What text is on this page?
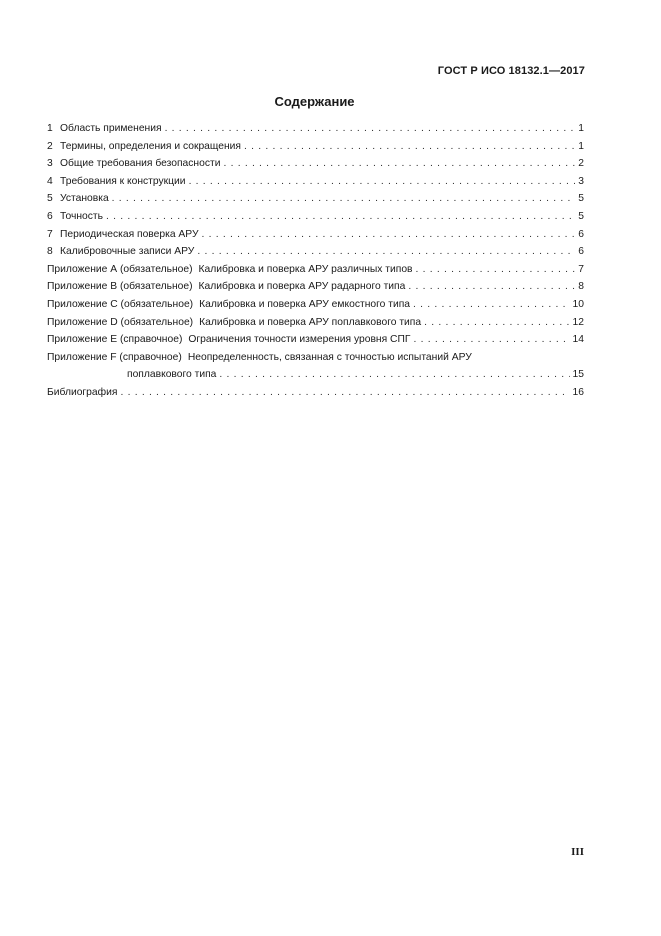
ГОСТ Р ИСО 18132.1—2017
Содержание
1 Область применения . . .	1
2 Термины, определения и сокращения . . .	1
3 Общие требования безопасности . . .	2
4 Требования к конструкции . . .	3
5 Установка . . .	5
6 Точность . . .	5
7 Периодическая поверка АРУ . . .	6
8 Калибровочные записи АРУ . . .	6
Приложение А (обязательное) Калибровка и поверка АРУ различных типов . . .	7
Приложение В (обязательное) Калибровка и поверка АРУ радарного типа . . .	8
Приложение С (обязательное) Калибровка и поверка АРУ емкостного типа . . .	10
Приложение D (обязательное) Калибровка и поверка АРУ поплавкового типа . . .	12
Приложение Е (справочное) Ограничения точности измерения уровня СПГ . . .	14
Приложение F (справочное) Неопределенность, связанная с точностью испытаний АРУ
поплавкового типа . . .	15
Библиография . . .	16
III
